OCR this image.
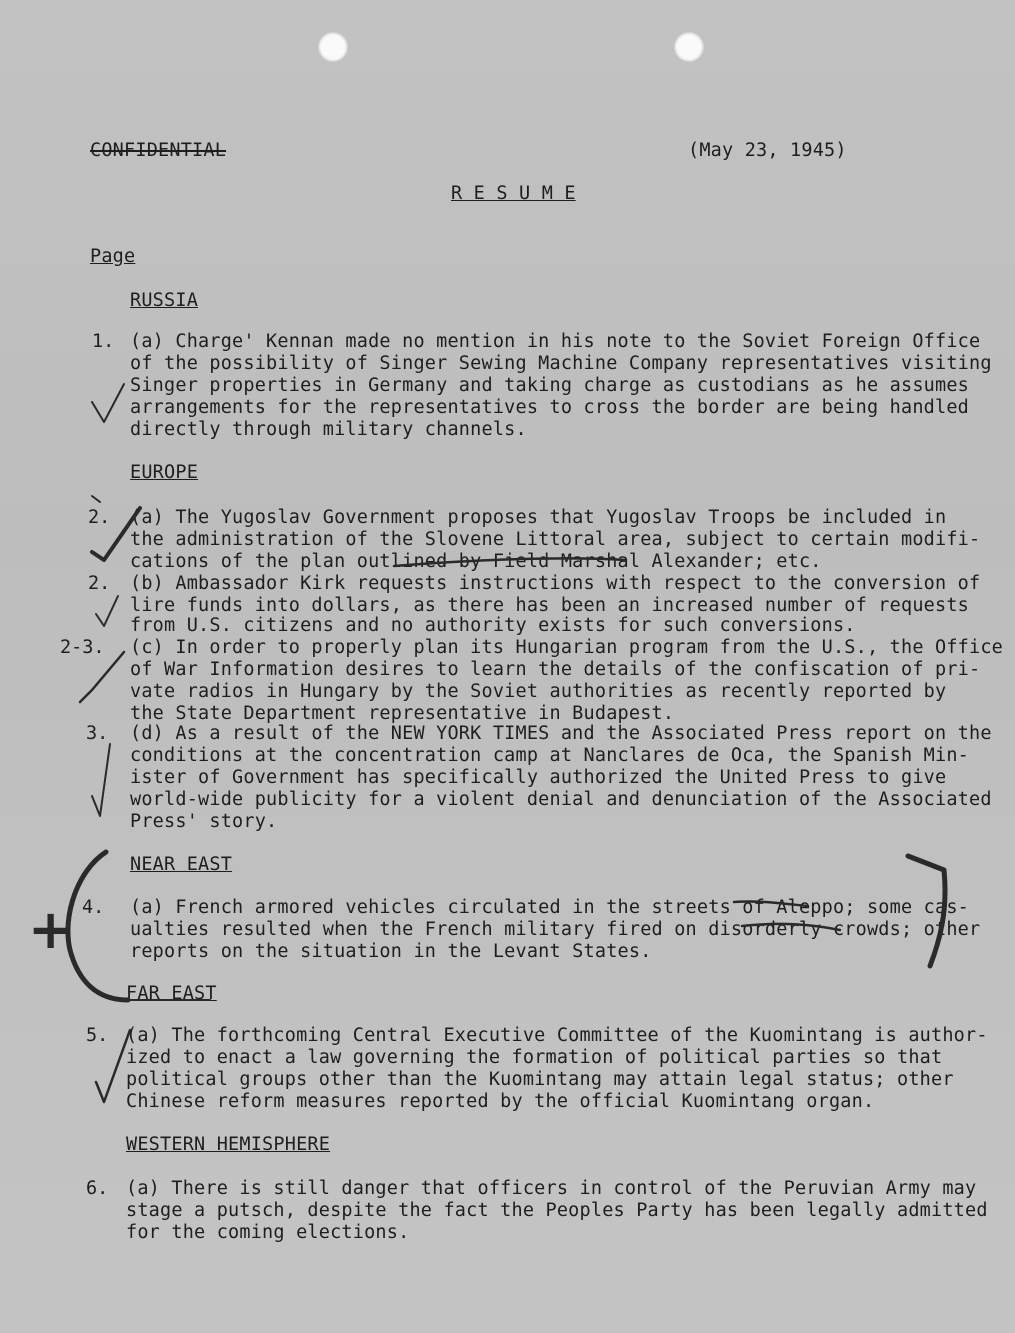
CONFIDENTIAL	(May 23, 1945)
R E S U M E
Page
RUSSIA
1. (a) Charge' Kennan made no mention in his note to the Soviet Foreign Office
of the possibility of Singer Sewing Machine Company representatives visiting
Singer properties in Germany and taking charge as custodians as he assumes
arrangements for the representatives to cross the border are being handled
directly through military channels.
EUROPE
2. (a) The Yugoslav Government proposes that Yugoslav Troops be included in
the administration of the Slovene Littoral area, subject to certain modifi-
cations of the plan outlined by Field Marshal Alexander; etc.
2. (b) Ambassador Kirk requests instructions with respect to the conversion of
lire funds into dollars, as there has been an increased number of requests
from U.S. citizens and no authority exists for such conversions.
2-3. (c) In order to properly plan its Hungarian program from the U.S., the Office
of War Information desires to learn the details of the confiscation of pri-
vate radios in Hungary by the Soviet authorities as recently reported by
the State Department representative in Budapest.
3. (d) As a result of the NEW YORK TIMES and the Associated Press report on the
conditions at the concentration camp at Nanclares de Oca, the Spanish Min-
ister of Government has specifically authorized the United Press to give
world-wide publicity for a violent denial and denunciation of the Associated
Press' story.
NEAR EAST
4. (a) French armored vehicles circulated in the streets of Aleppo; some cas-
ualties resulted when the French military fired on disorderly crowds; other
reports on the situation in the Levant States.
FAR EAST
5. (a) The forthcoming Central Executive Committee of the Kuomintang is author-
ized to enact a law governing the formation of political parties so that
political groups other than the Kuomintang may attain legal status; other
Chinese reform measures reported by the official Kuomintang organ.
WESTERN HEMISPHERE
6. (a) There is still danger that officers in control of the Peruvian Army may
stage a putsch, despite the fact the Peoples Party has been legally admitted
for the coming elections.
+
